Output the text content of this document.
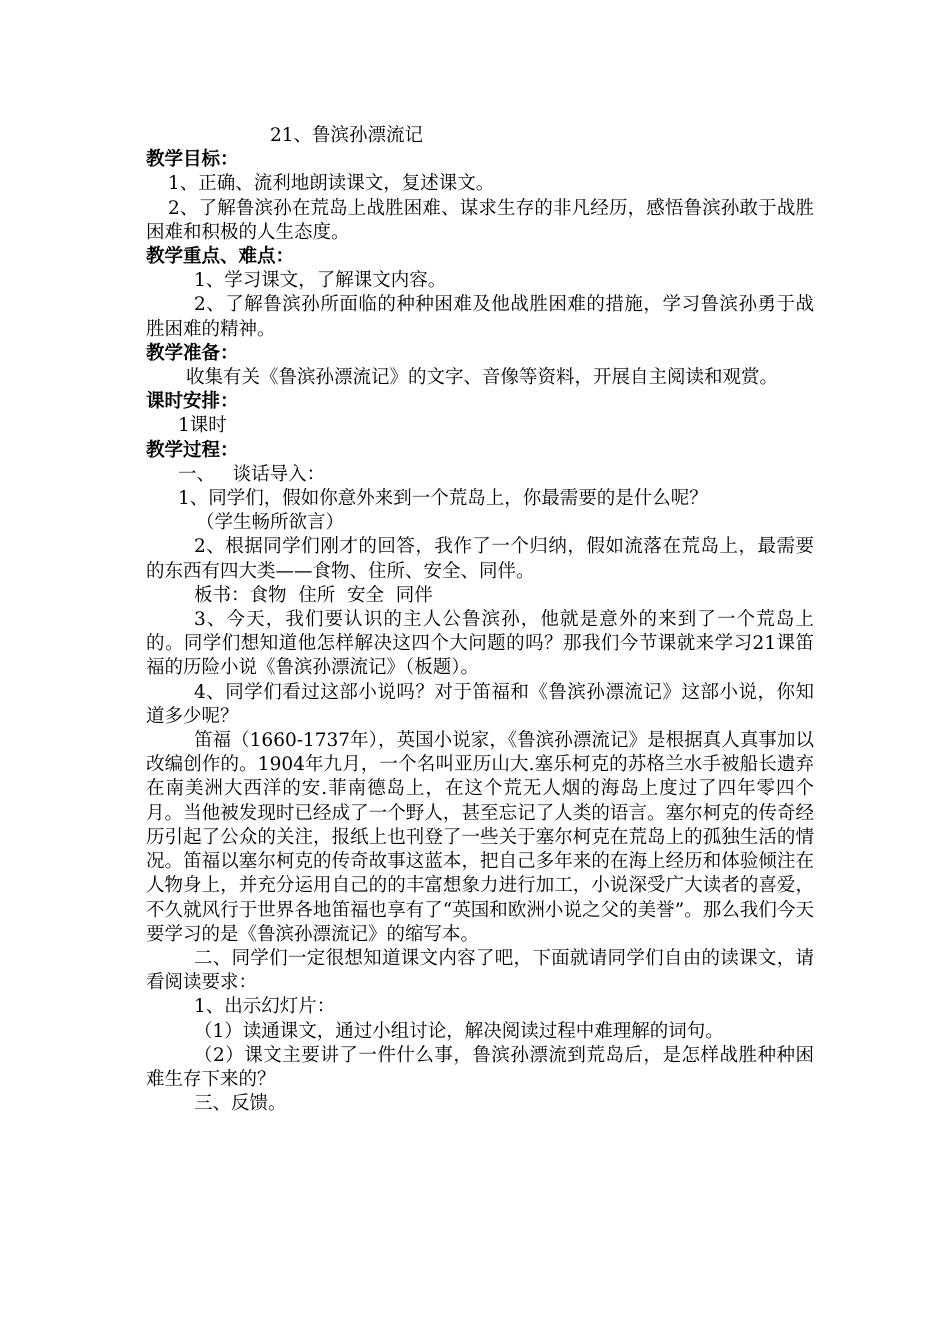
21、鲁滨孙漂流记

教学目标：

1、正确、流利地朗读课文，复述课文。

2、了解鲁滨孙在荒岛上战胜困难、谋求生存的非凡经历，感悟鲁滨孙敢于战胜困难和积极的人生态度。

教学重点、难点：

1、学习课文，了解课文内容。

2、了解鲁滨孙所面临的种种困难及他战胜困难的措施，学习鲁滨孙勇于战胜困难的精神。

教学准备：

收集有关《鲁滨孙漂流记》的文字、音像等资料，开展自主阅读和观赏。

课时安排：

1课时

教学过程：

一、   谈话导入：

1、同学们，假如你意外来到一个荒岛上，你最需要的是什么呢？

（学生畅所欲言）

2、根据同学们刚才的回答，我作了一个归纳，假如流落在荒岛上，最需要的东西有四大类——食物、住所、安全、同伴。

板书：食物  住所  安全  同伴

3、今天，我们要认识的主人公鲁滨孙，他就是意外的来到了一个荒岛上的。同学们想知道他怎样解决这四个大问题的吗？那我们今节课就来学习21课笛福的历险小说《鲁滨孙漂流记》（板题）。

4、同学们看过这部小说吗？对于笛福和《鲁滨孙漂流记》这部小说，你知道多少呢？

笛福（1660-1737年），英国小说家，《鲁滨孙漂流记》是根据真人真事加以改编创作的。1904年九月，一个名叫亚历山大.塞乐柯克的苏格兰水手被船长遗弃在南美洲大西洋的安.菲南德岛上，在这个荒无人烟的海岛上度过了四年零四个月。当他被发现时已经成了一个野人，甚至忘记了人类的语言。塞尔柯克的传奇经历引起了公众的关注，报纸上也刊登了一些关于塞尔柯克在荒岛上的孤独生活的情况。笛福以塞尔柯克的传奇故事这蓝本，把自己多年来的在海上经历和体验倾注在人物身上，并充分运用自己的的丰富想象力进行加工，小说深受广大读者的喜爱，不久就风行于世界各地笛福也享有了“英国和欧洲小说之父的美誉”。那么我们今天要学习的是《鲁滨孙漂流记》的缩写本。

二、同学们一定很想知道课文内容了吧，下面就请同学们自由的读课文，请看阅读要求：

1、出示幻灯片：

（1）读通课文，通过小组讨论，解决阅读过程中难理解的词句。

（2）课文主要讲了一件什么事，鲁滨孙漂流到荒岛后，是怎样战胜种种困难生存下来的？

三、反馈。
